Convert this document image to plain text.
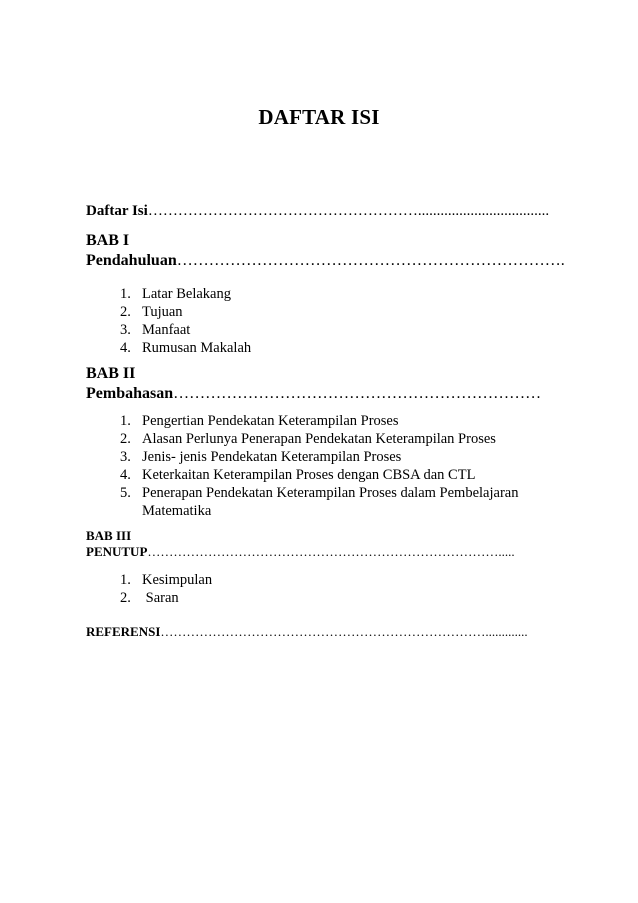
DAFTAR ISI
Daftar Isi………………………………………………...................................
BAB I
Pendahuluan……………………………………………………………….
1. Latar Belakang
2. Tujuan
3. Manfaat
4. Rumusan Makalah
BAB II
Pembahasan……………………………………………………………
1. Pengertian Pendekatan Keterampilan Proses
2. Alasan Perlunya Penerapan Pendekatan Keterampilan Proses
3. Jenis- jenis Pendekatan Keterampilan Proses
4. Keterkaitan Keterampilan Proses dengan CBSA dan CTL
5. Penerapan Pendekatan Keterampilan Proses dalam Pembelajaran
Matematika
BAB III
PENUTUP……………………………………………………………………….....
1. Kesimpulan
2. Saran
REFERENSI………………………………………………………………….............
